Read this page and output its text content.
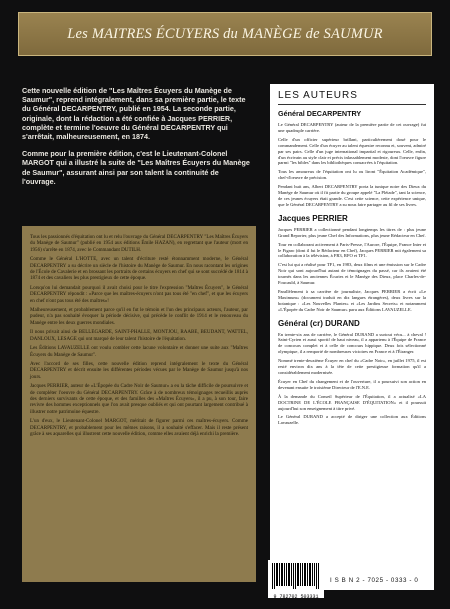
Les MAITRES ÉCUYERS du MANÈGE de SAUMUR

Cette nouvelle édition de "Les Maîtres Écuyers du Manège de Saumur", reprend intégralement, dans sa première partie, le texte du Général DECARPENTRY, publié en 1954. La seconde partie, originale, dont la rédaction a été confiée à Jacques PERRIER, complète et termine l'oeuvre du Général DECARPENTRY qui s'arrêtait, malheureusement, en 1874.

Comme pour la première édition, c'est le Lieutenant-Colonel MARGOT qui a illustré la suite de "Les Maîtres Écuyers du Manège de Saumur", assurant ainsi par son talent la continuité de l'ouvrage.

Tous les passionnés d'équitation ont lu et relu l'ouvrage du Général DECARPENTRY "Les Maîtres Écuyers du Manège de Saumur" (publié en 1954 aux éditions Émile HAZAN), en regrettant que l'auteur (mort en 1956) s'arrête en 1874, avec le Commandant DUTILH.

Comme le Général L'HOTTE, avec un talent d'écriture resté étonnamment moderne, le Général DECARPENTRY a su décrire un siècle de l'histoire du Manège de Saumur. En nous racontant les origines de l'École de Cavalerie et en brossant les portraits de certains écuyers en chef qui se sont succédé de 1814 à 1874 et des cavaliers les plus prestigieux de cette époque.

Lorsqu'on lui demandait pourquoi il avait choisi pour le titre l'expression "Maîtres Écuyers", le Général DECARPENTRY répondit : «Parce que les maîtres-écuyers n'ont pas tous été "en chef", et que les écuyers en chef n'ont pas tous été des maîtres»!

Malheureusement, et probablement parce qu'il en fut le témoin et l'un des principaux acteurs, l'auteur, par pudeur, n'a pas souhaité évoquer la période décisive, qui précède le conflit de 1914 et le renouveau du Manège entre les deux guerres mondiales.

Il nous privait ainsi de BELLEGARDE, SAINT-PHALLE, MONTJOU, RAABE, BEUDANT, WATTEL, DANLOUX, LESAGE qui ont marqué de leur talent l'histoire de l'équitation.

Les Éditions LAVAUZELLE ont voulu combler cette lacune volontaire et donner une suite aux "Maîtres Écuyers du Manège de Saumur".

Avec l'accord de ses filles, cette nouvelle édition reprend intégralement le texte du Général DECARPENTRY et décrit ensuite les différentes périodes vécues par le Manège de Saumur jusqu'à nos jours.

Jacques PERRIER, auteur de «L'Épopée du Cadre Noir de Saumur» a eu la tâche difficile de poursuivre et de compléter l'oeuvre du Général DECARPENTRY. Grâce à de nombreux témoignages recueillis auprès des derniers survivants de cette époque, et des familles des «Maîtres Écuyers», il a pu, à son tour, faire revivre des hommes exceptionnels que l'on avait presque oubliés et qui ont pourtant largement contribué à illustrer notre patrimoine équestre.

L'un d'eux, le Lieutenant-Colonel MARGOT, méritait de figurer parmi ces maîtres-écuyers. Comme DECARPENTRY, et probablement pour les mêmes raisons, il a souhaité s'effacer. Mais il reste présent grâce à ses aquarelles qui illustrent cette nouvelle édition, comme elles avaient déjà enrichi la première.

LES AUTEURS
Général DECARPENTRY

Le Général DECARPENTRY (auteur de la première partie de cet ouvrage) fut une quadruple carrière.

Celle d'un officier supérieur brillant, particulièrement doué pour le commandement. Celle d'un écuyer au talent équestre reconnu et, souvent, admiré par ses pairs. Celle d'un juge international impartial et rigoureux. Celle, enfin, d'un écrivain au style clair et précis inlassablement modeste, dont l'oeuvre figure parmi "les bibles" dans les bibliothèques consacrées à l'équitation.

Tous les amoureux de l'équitation ont lu ou liront "Équitation Académique", chef-d'oeuvre de précision.

Pendant huit ans, Albert DECARPENTRY porta la tunique noire des Dieux du Manège de Saumur où il fit partie du groupe appelé "La Pléiade", tant la science, de ces jeunes écuyers était grande. C'est cette science, cette expérience unique, que le Général DECARPENTRY a su nous faire partager au fil de ses livres.

Jacques PERRIER

Jacques PERRIER a collectionné pendant longtemps les titres de : plus jeune Grand Reporter, plus jeune Chef des Informations, plus jeune Rédacteur en Chef.

Tour en collaborant activement à Paris-Presse, l'Aurore, l'Équipe, France Inter et le Figaro (dont il fut le Rédacteur en Chef), Jacques PERRIER mit également sa collaboration à la télévision, à FR3, RFO et TF1.

C'est lui qui a réalisé pour TF1, en 1983, deux films et une émission sur le Cadre Noir qui sont aujourd'hui autant de témoignages du passé, car ils avaient été tournés dans les anciennes Écuries et le Manège des Dieux, place Charles-de-Foucauld, à Saumur.

Parallèlement à sa carrière de journaliste, Jacques PERRIER a écrit «Le Maximum» (document traduit en dix langues étrangères), deux livres sur la botanique : «Les Nouvelles Plantes» et «Les Jardins Secrets» et notamment «L'Épopée du Cadre Noir de Saumur» paru aux Éditions LAVAUZELLE.

Général (cr) DURAND

En trente-six ans de carrière, le Général DURAND a surtout vécu... à cheval ! Saint-Cyrien et aussi sportif de haut niveau, il a appartenu à l'Équipe de France de concours complet et à celle de concours hippique. Deux fois sélectionné olympique, il a remporté de nombreuses victoires en France et à l'Étranger.

Nommé trente-deuxième Écuyer en chef du «Cadre Noir», en juillet 1975, il est resté environ dix ans à la tête de cette prestigieuse formation qu'il a considérablement modernisée.

Écuyer en Chef du changement et de l'ouverture, il a poursuivi son action en devenant ensuite le troisième Directeur de l'E.N.E.

À la demande du Conseil Supérieur de l'Équitation, il a actualisé «LA DOCTRINE DE L'ÉCOLE FRANÇAISE D'ÉQUITATION» et il poursuit aujourd'hui son enseignement à titre privé.

Le Général DURAND a accepté de diriger une collection aux Éditions Lavauzelle.

9 782702 503331
I S B N 2 - 7025 - 0333 - 0
